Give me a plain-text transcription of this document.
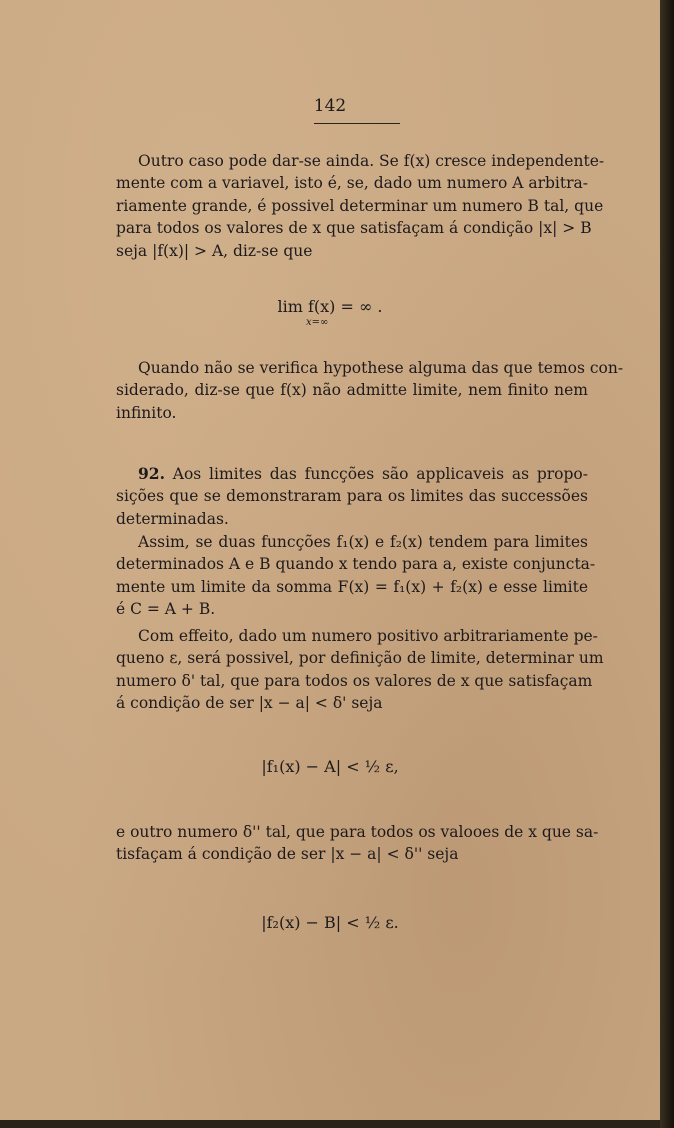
142

Outro caso pode dar-se ainda. Se f(x) cresce independente-
mente com a variavel, isto é, se, dado um numero A arbitra-
riamente grande, é possivel determinar um numero B tal, que
para todos os valores de x que satisfaçam á condição |x| > B
seja |f(x)| > A, diz-se que

lim f(x) = ∞ .
x=∞

Quando não se verifica hypothese alguma das que temos con-
siderado, diz-se que f(x) não admitte limite, nem finito nem
infinito.

92. Aos limites das funcções são applicaveis as propo-
sições que se demonstraram para os limites das successões
determinadas.

Assim, se duas funcções f₁(x) e f₂(x) tendem para limites
determinados A e B quando x tendo para a, existe conjuncta-
mente um limite da somma F(x) = f₁(x) + f₂(x) e esse limite
é C = A + B.

Com effeito, dado um numero positivo arbitrariamente pe-
queno ε, será possivel, por definição de limite, determinar um
numero δ' tal, que para todos os valores de x que satisfaçam
á condição de ser |x − a| < δ' seja

|f₁(x) − A| < ½ ε,

e outro numero δ'' tal, que para todos os valooes de x que sa-
tisfaçam á condição de ser |x − a| < δ'' seja

|f₂(x) − B| < ½ ε.
